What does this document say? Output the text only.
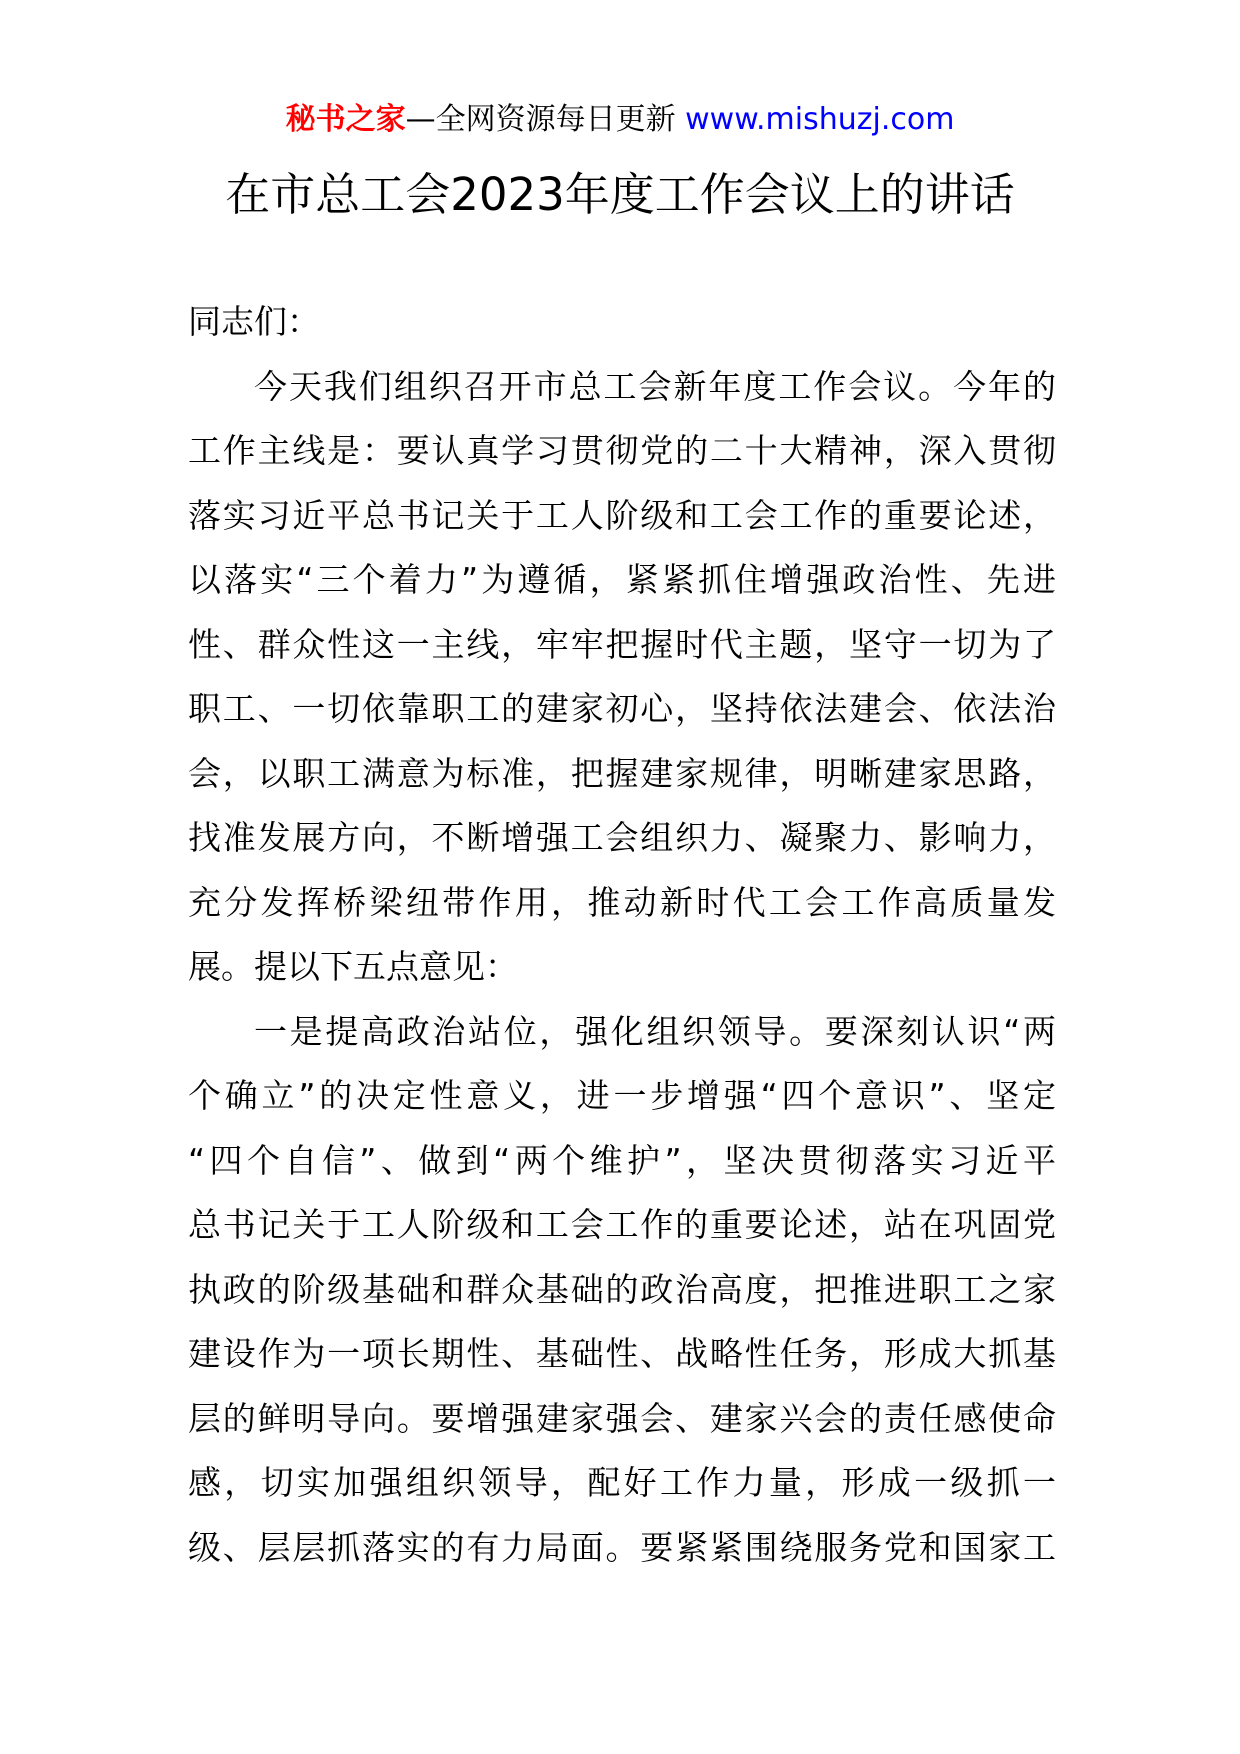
秘书之家—全网资源每日更新 www.mishuzj.com
在市总工会2023年度工作会议上的讲话
同志们：
今天我们组织召开市总工会新年度工作会议。今年的
工作主线是：要认真学习贯彻党的二十大精神，深入贯彻
落实习近平总书记关于工人阶级和工会工作的重要论述，
以落实“三个着力”为遵循，紧紧抓住增强政治性、先进
性、群众性这一主线，牢牢把握时代主题，坚守一切为了
职工、一切依靠职工的建家初心，坚持依法建会、依法治
会，以职工满意为标准，把握建家规律，明晰建家思路，
找准发展方向，不断增强工会组织力、凝聚力、影响力，
充分发挥桥梁纽带作用，推动新时代工会工作高质量发
展。提以下五点意见：
一是提高政治站位，强化组织领导。要深刻认识“两
个确立”的决定性意义，进一步增强“四个意识”、坚定
“四个自信”、做到“两个维护”，坚决贯彻落实习近平
总书记关于工人阶级和工会工作的重要论述，站在巩固党
执政的阶级基础和群众基础的政治高度，把推进职工之家
建设作为一项长期性、基础性、战略性任务，形成大抓基
层的鲜明导向。要增强建家强会、建家兴会的责任感使命
感，切实加强组织领导，配好工作力量，形成一级抓一
级、层层抓落实的有力局面。要紧紧围绕服务党和国家工
